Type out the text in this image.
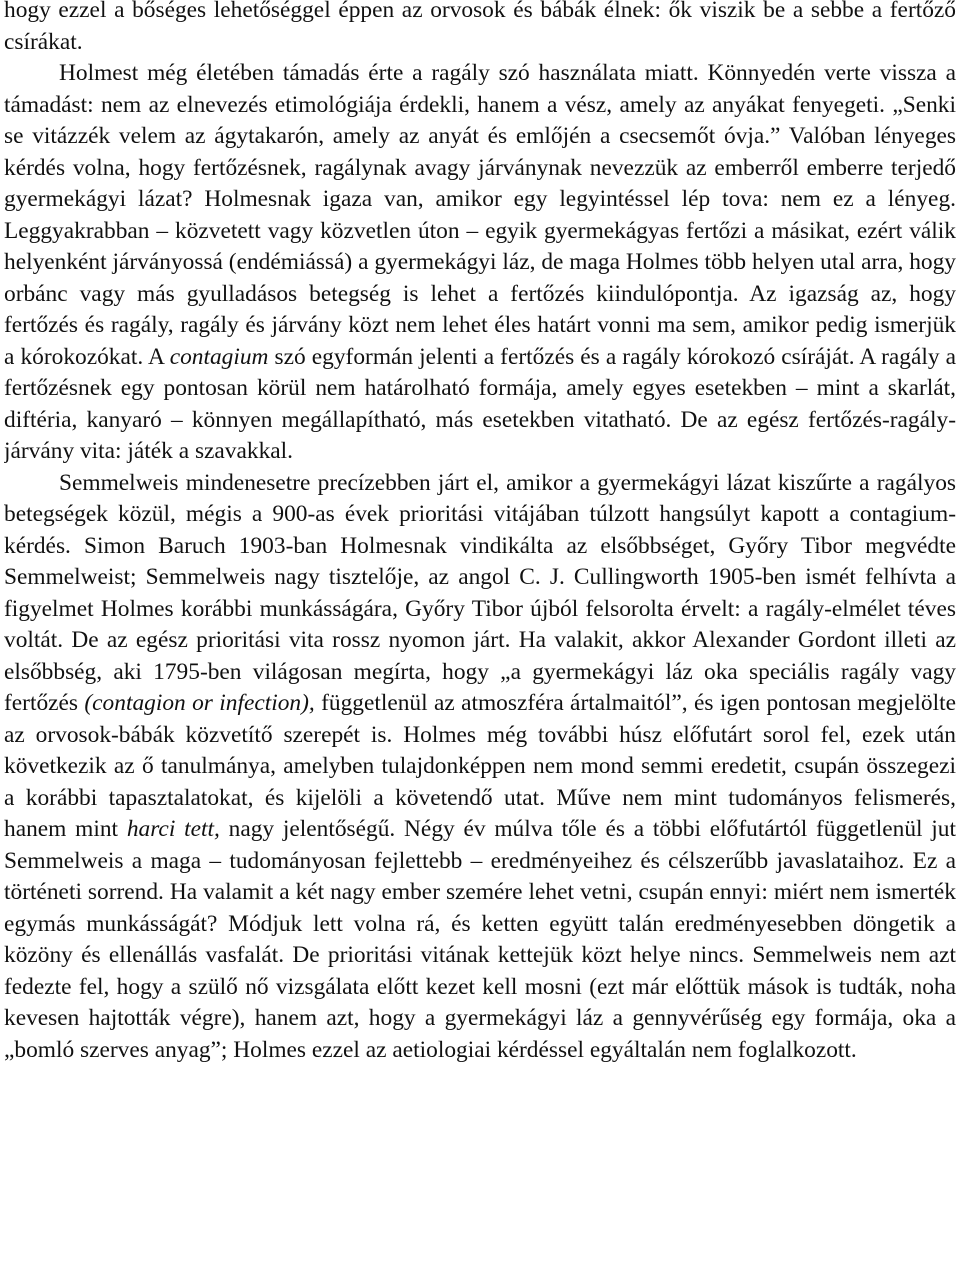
hogy ezzel a bőséges lehetőséggel éppen az orvosok és bábák élnek: ők viszik be a sebbe a fertőző csírákat.

Holmest még életében támadás érte a ragály szó használata miatt. Könnyedén verte vissza a támadást: nem az elnevezés etimológiája érdekli, hanem a vész, amely az anyákat fenyegeti. „Senki se vitázzék velem az ágytakarón, amely az anyát és emlőjén a csecsemőt óvja.” Valóban lényeges kérdés volna, hogy fertőzésnek, ragálynak avagy járványnak nevezzük az emberről emberre terjedő gyermekágyi lázat? Holmesnak igaza van, amikor egy legyintéssel lép tova: nem ez a lényeg. Leggyakrabban – közvetett vagy közvetlen úton – egyik gyermekágyas fertőzi a másikat, ezért válik helyenként járványossá (endémiássá) a gyermekágyi láz, de maga Holmes több helyen utal arra, hogy orbánc vagy más gyulladásos betegség is lehet a fertőzés kiindulópontja. Az igazság az, hogy fertőzés és ragály, ragály és járvány közt nem lehet éles határt vonni ma sem, amikor pedig ismerjük a kórokozókat. A contagium szó egyformán jelenti a fertőzés és a ragály kórokozó csíráját. A ragály a fertőzésnek egy pontosan körül nem határolható formája, amely egyes esetekben – mint a skarlát, diftéria, kanyaró – könnyen megállapítható, más esetekben vitatható. De az egész fertőzés-ragály-járvány vita: játék a szavakkal.

Semmelweis mindenesetre precízebben járt el, amikor a gyermekágyi lázat kiszűrte a ragályos betegségek közül, mégis a 900-as évek prioritási vitájában túlzott hangsúlyt kapott a contagium-kérdés. Simon Baruch 1903-ban Holmesnak vindikálta az elsőbbséget, Győry Tibor megvédte Semmelweist; Semmelweis nagy tisztelője, az angol C. J. Cullingworth 1905-ben ismét felhívta a figyelmet Holmes korábbi munkásságára, Győry Tibor újból felsorolta érvelt: a ragály-elmélet téves voltát. De az egész prioritási vita rossz nyomon járt. Ha valakit, akkor Alexander Gordont illeti az elsőbbség, aki 1795-ben világosan megírta, hogy „a gyermekágyi láz oka speciális ragály vagy fertőzés (contagion or infection), függetlenül az atmoszféra ártalmaitól”, és igen pontosan megjelölte az orvosok-bábák közvetítő szerepét is. Holmes még további húsz előfutárt sorol fel, ezek után következik az ő tanulmánya, amelyben tulajdonképpen nem mond semmi eredetit, csupán összegezi a korábbi tapasztalatokat, és kijelöli a követendő utat. Műve nem mint tudományos felismerés, hanem mint harci tett, nagy jelentőségű. Négy év múlva tőle és a többi előfutártól függetlenül jut Semmelweis a maga – tudományosan fejlettebb – eredményeihez és célszerűbb javaslataihoz. Ez a történeti sorrend. Ha valamit a két nagy ember szemére lehet vetni, csupán ennyi: miért nem ismerték egymás munkásságát? Módjuk lett volna rá, és ketten együtt talán eredményesebben döngetik a közöny és ellenállás vasfalát. De prioritási vitának kettejük közt helye nincs. Semmelweis nem azt fedezte fel, hogy a szülő nő vizsgálata előtt kezet kell mosni (ezt már előttük mások is tudták, noha kevesen hajtották végre), hanem azt, hogy a gyermekágyi láz a gennyvérűség egy formája, oka a „bomló szerves anyag”; Holmes ezzel az aetiologiai kérdéssel egyáltalán nem foglalkozott.
